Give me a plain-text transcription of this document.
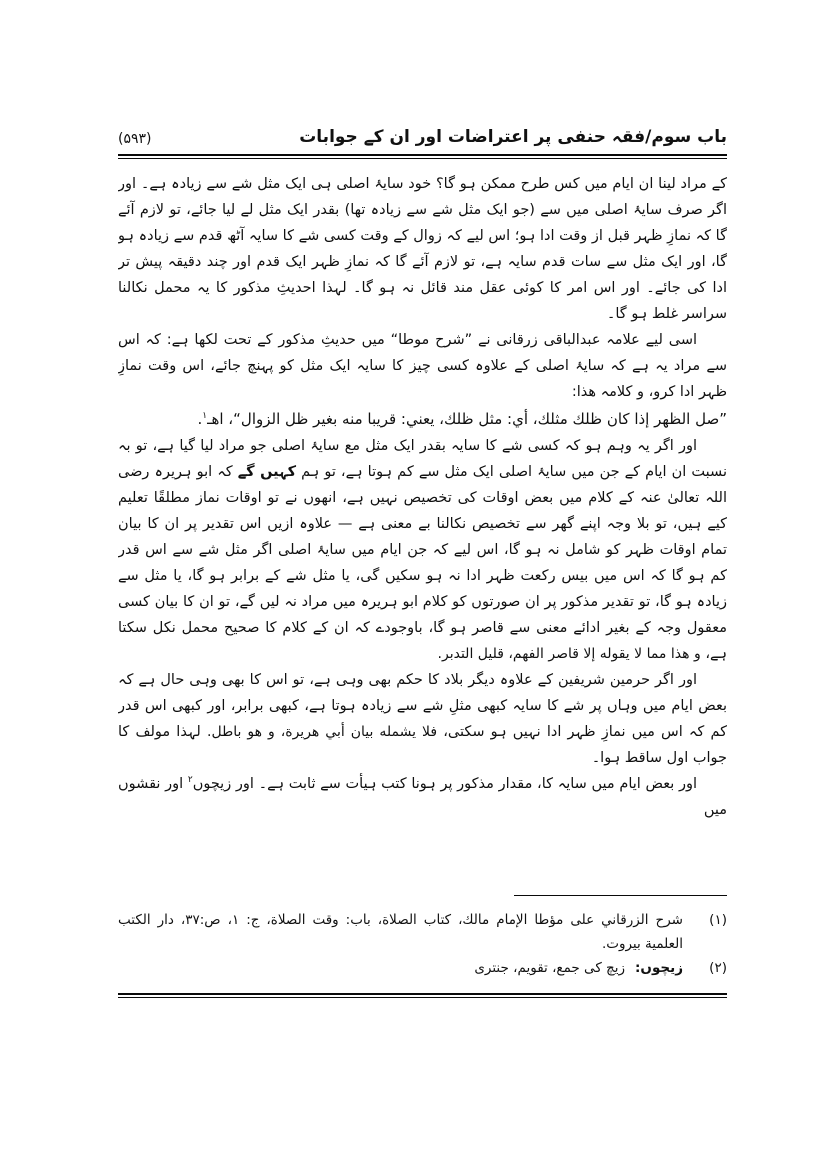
باب سوم/فقہ حنفی پر اعتراضات اور ان کے جوابات
(۵۹۳)

کے مراد لینا ان ایام میں کس طرح ممکن ہو گا؟ خود سایۂ اصلی ہی ایک مثل شے سے زیادہ ہے۔ اور اگر صرف سایۂ اصلی میں سے (جو ایک مثل شے سے زیادہ تھا) بقدر ایک مثل لے لیا جائے، تو لازم آئے گا کہ نمازِ ظہر قبل از وقت ادا ہو؛ اس لیے کہ زوال کے وقت کسی شے کا سایہ آٹھ قدم سے زیادہ ہو گا، اور ایک مثل سے سات قدم سایہ ہے، تو لازم آئے گا کہ نمازِ ظہر ایک قدم اور چند دقیقہ پیش تر ادا کی جائے۔ اور اس امر کا کوئی عقل مند قائل نہ ہو گا۔ لہذا احدیثِ مذکور کا یہ محمل نکالنا سراسر غلط ہو گا۔

اسی لیے علامہ عبدالباقی زرقانی نے ”شرح موطا“ میں حدیثِ مذکور کے تحت لکھا ہے: کہ اس سے مراد یہ ہے کہ سایۂ اصلی کے علاوہ کسی چیز کا سایہ ایک مثل کو پہنچ جائے، اس وقت نمازِ ظہر ادا کرو، و کلامہ ھذا:

”صل الظهر إذا كان ظلك مثلك، أي: مثل ظلك، يعني: قريبا منه بغير ظل الزوال“، اهـ$^۱$.

اور اگر یہ وہم ہو کہ کسی شے کا سایہ بقدر ایک مثل مع سایۂ اصلی جو مراد لیا گیا ہے، تو بہ نسبت ان ایام کے جن میں سایۂ اصلی ایک مثل سے کم ہوتا ہے، تو ہم کہیں گے کہ ابو ہریرہ رضی اللہ تعالیٰ عنہ کے کلام میں بعض اوقات کی تخصیص نہیں ہے، انھوں نے تو اوقات نماز مطلقًا تعلیم کیے ہیں، تو بلا وجہ اپنے گھر سے تخصیص نکالنا بے معنی ہے — علاوہ ازیں اس تقدیر پر ان کا بیان تمام اوقات ظہر کو شامل نہ ہو گا، اس لیے کہ جن ایام میں سایۂ اصلی اگر مثل شے سے اس قدر کم ہو گا کہ اس میں بیس رکعت ظہر ادا نہ ہو سکیں گی، یا مثل شے کے برابر ہو گا، یا مثل سے زیادہ ہو گا، تو تقدیر مذکور پر ان صورتوں کو کلام ابو ہریرہ میں مراد نہ لیں گے، تو ان کا بیان کسی معقول وجہ کے بغیر ادائے معنی سے قاصر ہو گا، باوجودے کہ ان کے کلام کا صحیح محمل نکل سکتا ہے، و هذا مما لا يقوله إلا قاصر الفهم، قليل التدبر.

اور اگر حرمین شریفین کے علاوہ دیگر بلاد کا حکم بھی وہی ہے، تو اس کا بھی وہی حال ہے کہ بعض ایام میں وہاں پر شے کا سایہ کبھی مثلِ شے سے زیادہ ہوتا ہے، کبھی برابر، اور کبھی اس قدر کم کہ اس میں نمازِ ظہر ادا نہیں ہو سکتی، فلا يشمله بيان أبي هريرة، و هو باطل. لہذا مولف کا جواب اول ساقط ہوا۔

اور بعض ایام میں سایہ کا، مقدار مذکور پر ہونا کتب ہیأت سے ثابت ہے۔ اور زیچوں$^۲$ اور نقشوں میں

(۱)
شرح الزرقاني على مؤطا الإمام مالك، كتاب الصلاة، باب: وقت الصلاة، ج: ۱، ص:۳۷، دار الكتب العلمية بيروت.
(۲)
زیچوں:زیچ کی جمع، تقویم، جنتری
